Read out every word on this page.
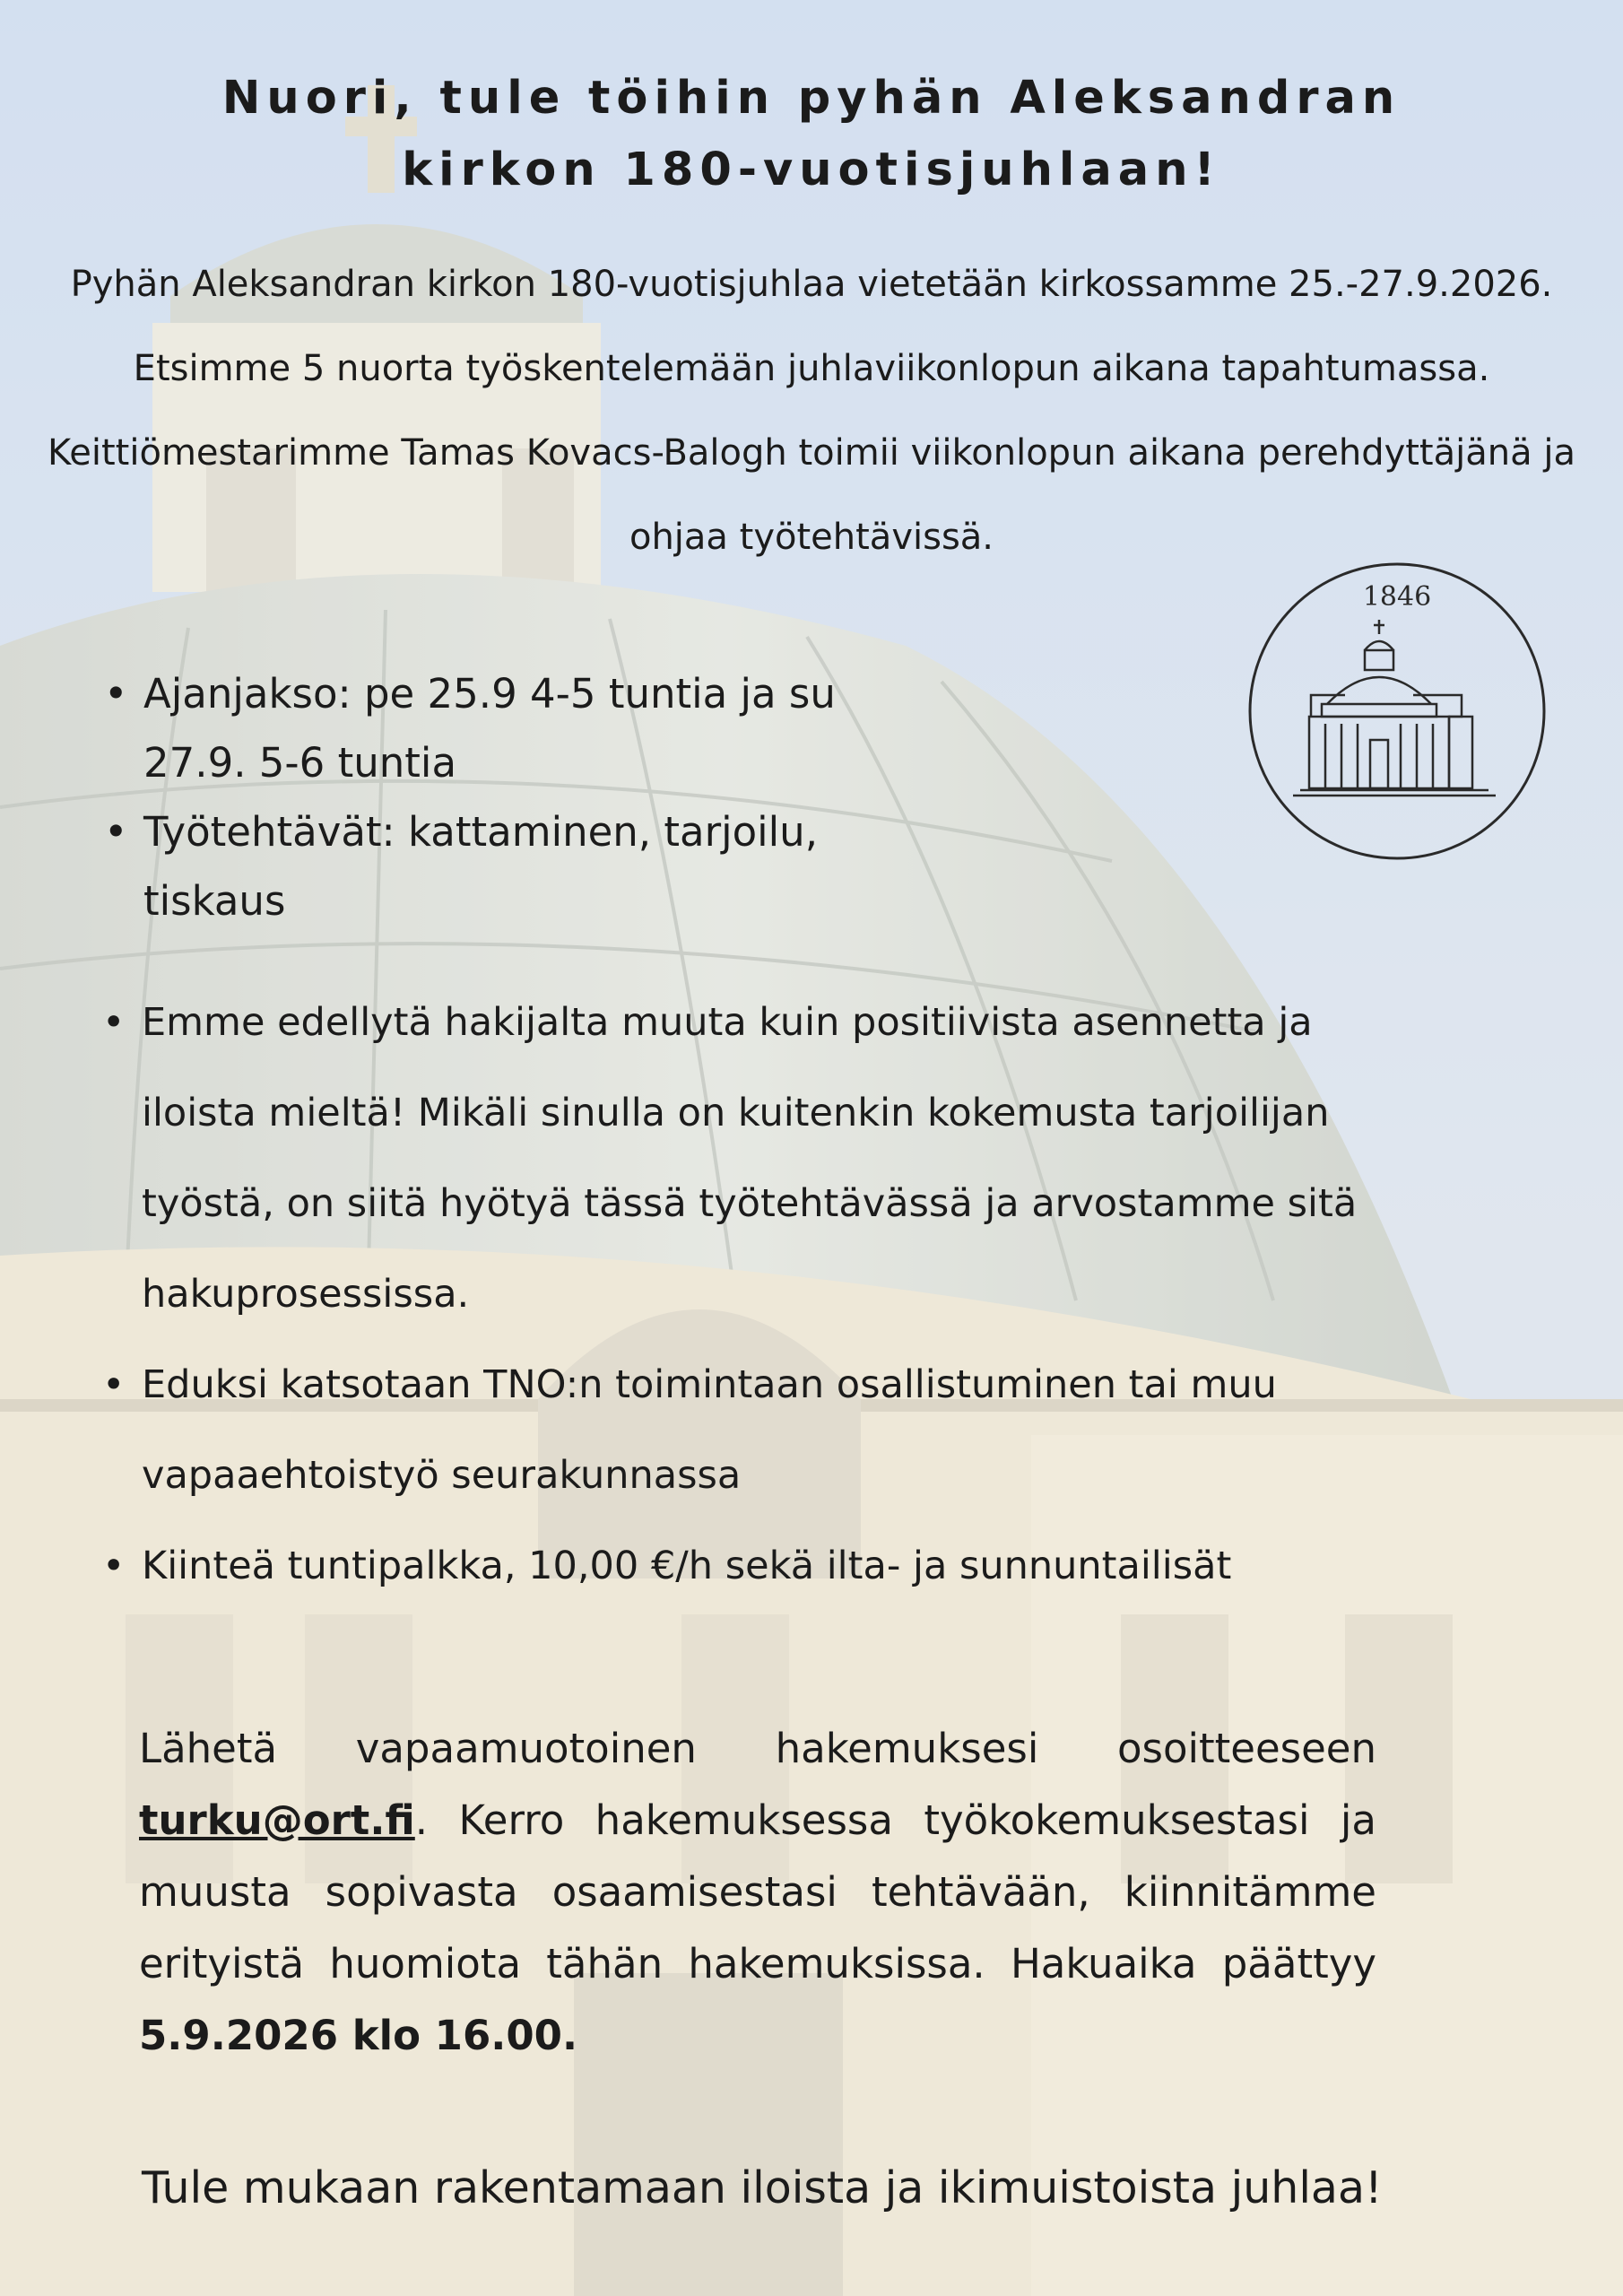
Nuori, tule töihin pyhän Aleksandran
kirkon 180-vuotisjuhlaan!

Pyhän Aleksandran kirkon 180-vuotisjuhlaa vietetään kirkossamme 25.-27.9.2026. Etsimme 5 nuorta työskentelemään juhlaviikonlopun aikana tapahtumassa. Keittiömestarimme Tamas Kovacs-Balogh toimii viikonlopun aikana perehdyttäjänä ja ohjaa työtehtävissä.

1846
• Ajanjakso: pe 25.9 4-5 tuntia ja su 27.9. 5-6 tuntia
• Työtehtävät: kattaminen, tarjoilu, tiskaus
• Emme edellytä hakijalta muuta kuin positiivista asennetta ja iloista mieltä! Mikäli sinulla on kuitenkin kokemusta tarjoilijan työstä, on siitä hyötyä tässä työtehtävässä ja arvostamme sitä hakuprosessissa.
• Eduksi katsotaan TNO:n toimintaan osallistuminen tai muu vapaaehtoistyö seurakunnassa
• Kiinteä tuntipalkka, 10,00 €/h sekä ilta- ja sunnuntailisät

Lähetä vapaamuotoinen hakemuksesi osoitteeseen turku@ort.fi. Kerro hakemuksessa työkokemuksestasi ja muusta sopivasta osaamisestasi tehtävään, kiinnitämme erityistä huomiota tähän hakemuksissa. Hakuaika päättyy 5.9.2026 klo 16.00.

Tule mukaan rakentamaan iloista ja ikimuistoista juhlaa!
